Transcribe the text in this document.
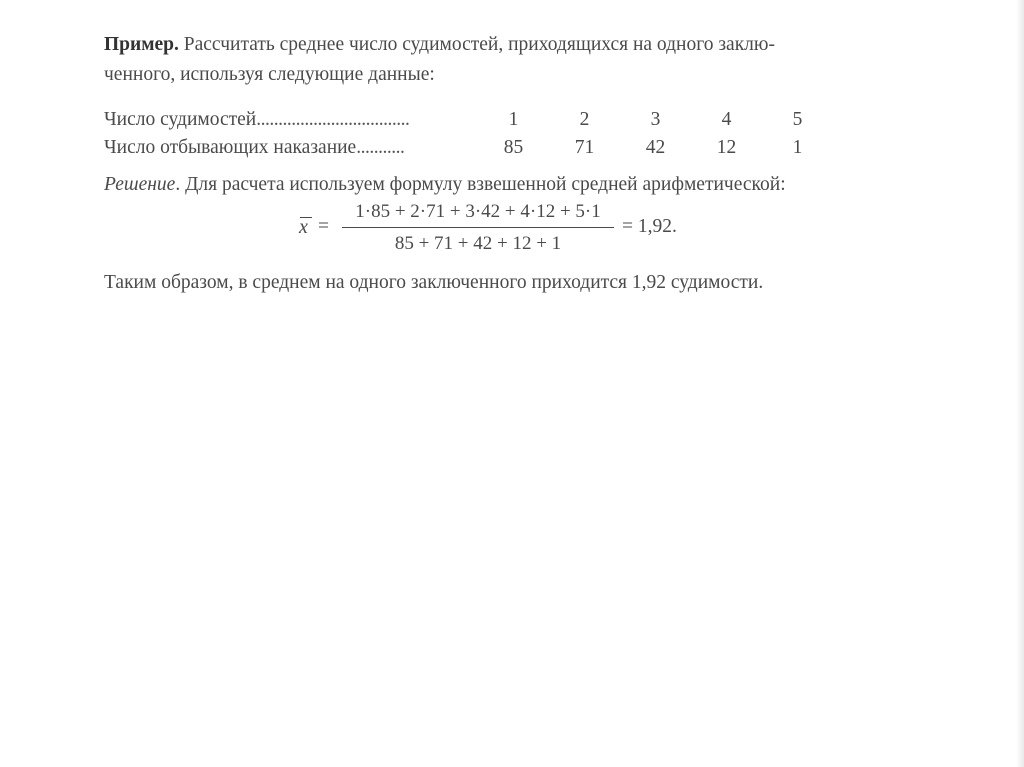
Пример. Рассчитать среднее число судимостей, приходящихся на одного заклю-
ченного, используя следующие данные:

Число судимостей...................................	1	2	3	4	5
Число отбывающих наказание...........	85	71	42	12	1

Решение. Для расчета используем формулу взвешенной средней арифметической:

x =
1·85 + 2·71 + 3·42 + 4·12 + 5·1
85 + 71 + 42 + 12 + 1
= 1,92.

Таким образом, в среднем на одного заключенного приходится 1,92 судимости.
